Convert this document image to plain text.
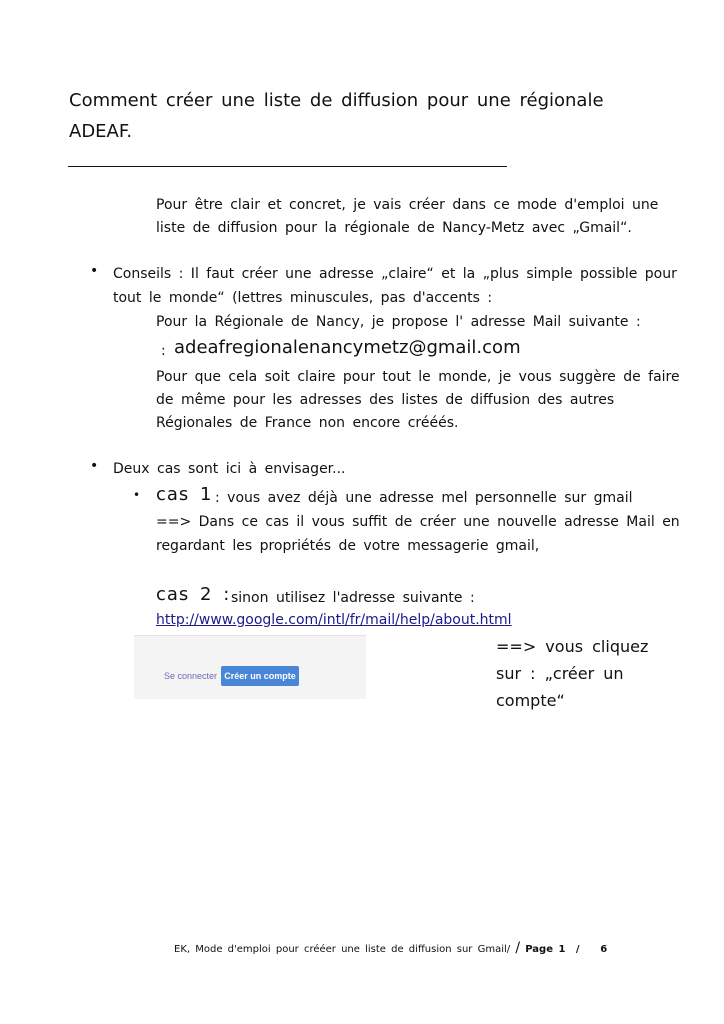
Comment créer une liste de diffusion pour une régionale
ADEAF.
Pour être clair et concret, je vais créer dans ce mode d'emploi une
liste de diffusion pour la régionale de Nancy-Metz avec „Gmail“.
• Conseils : Il faut créer une adresse „claire“ et la „plus simple possible pour
tout le monde“ (lettres minuscules, pas d'accents :
Pour la Régionale de Nancy, je propose l' adresse Mail suivante :
: adeafregionalenancymetz@gmail.com
Pour que cela soit claire pour tout le monde, je vous suggère de faire
de même pour les adresses des listes de diffusion des autres
Régionales de France non encore crééés.
• Deux cas sont ici à envisager...
• cas 1 : vous avez déjà une adresse mel personnelle sur gmail
==> Dans ce cas il vous suffit de créer une nouvelle adresse Mail en
regardant les propriétés de votre messagerie gmail,
cas 2 : sinon utilisez l'adresse suivante :
http://www.google.com/intl/fr/mail/help/about.html
Se connecter Créer un compte
==> vous cliquez
sur : „créer un
compte“
EK, Mode d'emploi pour crééer une liste de diffusion sur Gmail/ / Page 1 / 6
